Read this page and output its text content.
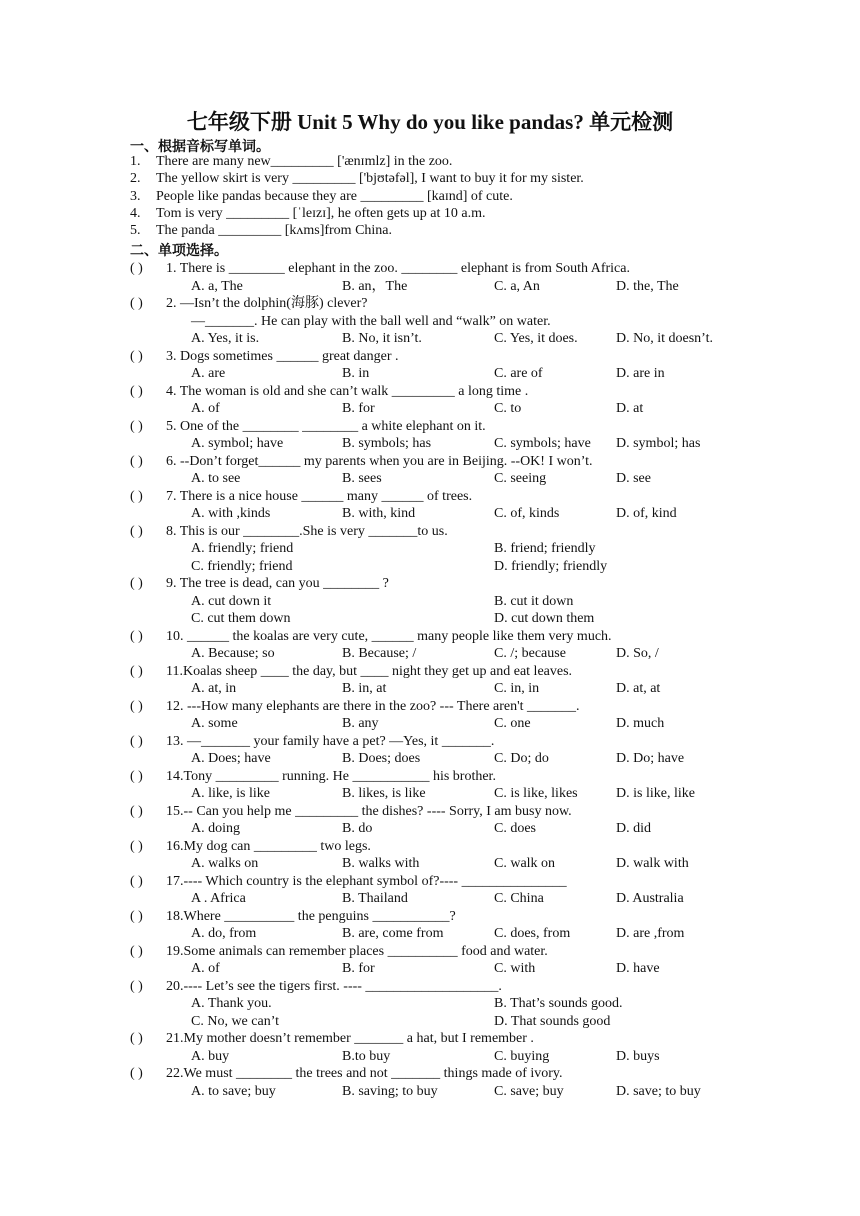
七年级下册 Unit 5 Why do you like pandas? 单元检测
一、根据音标写单词。
1. There are many new_________ ['ænɪmlz] in the zoo.
2. The yellow skirt is very _________ ['bjʊtəfəl], I want to buy it for my sister.
3. People like pandas because they are _________ [kaɪnd] of cute.
4. Tom is very _________ [ˈleɪzɪ], he often gets up at 10 a.m.
5. The panda _________ [kʌms]from China.
二、单项选择。
( ) 1. There is ________ elephant in the zoo. ________ elephant is from South Africa.
A. a, The	B. an，The	C. a, An	D. the, The
( ) 2. —Isn’t the dolphin(海豚) clever?
—_______. He can play with the ball well and “walk” on water.
A. Yes, it is.	B. No, it isn’t.	C. Yes, it does.	D. No, it doesn’t.
( ) 3. Dogs sometimes ______ great danger .
A. are	B. in	C. are of	D. are in
( ) 4. The woman is old and she can’t walk _________ a long time .
A. of	B. for	C. to	D. at
( ) 5. One of the ________ ________ a white elephant on it.
A. symbol; have	B. symbols; has	C. symbols; have D. symbol; has
( ) 6. --Don’t forget______ my parents when you are in Beijing. --OK! I won’t.
A. to see	B. sees	C. seeing	D. see
( ) 7. There is a nice house ______ many ______ of trees.
A. with ,kinds	B. with, kind	C. of, kinds	D. of, kind
( ) 8. This is our ________.She is very _______to us.
A. friendly; friend	B. friend; friendly
C. friendly; friend	D. friendly; friendly
( ) 9. The tree is dead, can you ________ ?
A. cut down it	B. cut it down
C. cut them down	D. cut down them
( ) 10. ______ the koalas are very cute, ______ many people like them very much.
A. Because; so	B. Because; /	C. /; because	D. So, /
( ) 11.Koalas sheep ____ the day, but ____ night they get up and eat leaves.
A. at, in	B. in, at	C. in, in	D. at, at
( ) 12. ---How many elephants are there in the zoo? --- There aren't _______.
A. some	B. any	C. one	D. much
( ) 13. —_______ your family have a pet? —Yes, it _______.
A. Does; have	B. Does; does	C. Do; do	D. Do; have
( ) 14.Tony _________ running. He ___________ his brother.
A. like, is like	B. likes, is like	C. is like, likes	D. is like, like
( ) 15.-- Can you help me _________ the dishes? ---- Sorry, I am busy now.
A. doing	B. do	C. does	D. did
( ) 16.My dog can _________ two legs.
A. walks on	B. walks with	C. walk on	D. walk with
( ) 17.---- Which country is the elephant symbol of?---- _______________
A . Africa	B. Thailand	C. China	D. Australia
( ) 18.Where __________ the penguins ___________?
A. do, from	B. are, come from	C. does, from	D. are ,from
( ) 19.Some animals can remember places __________ food and water.
A. of	B. for	C. with	D. have
( ) 20.---- Let’s see the tigers first. ---- ___________________.
A. Thank you.	B. That’s sounds good.
C. No, we can’t	D. That sounds good
( ) 21.My mother doesn’t remember _______ a hat, but I remember .
A. buy	B.to buy	C. buying	D. buys
( ) 22.We must ________ the trees and not _______ things made of ivory.
A. to save; buy	B. saving; to buy	C. save; buy	D. save; to buy
